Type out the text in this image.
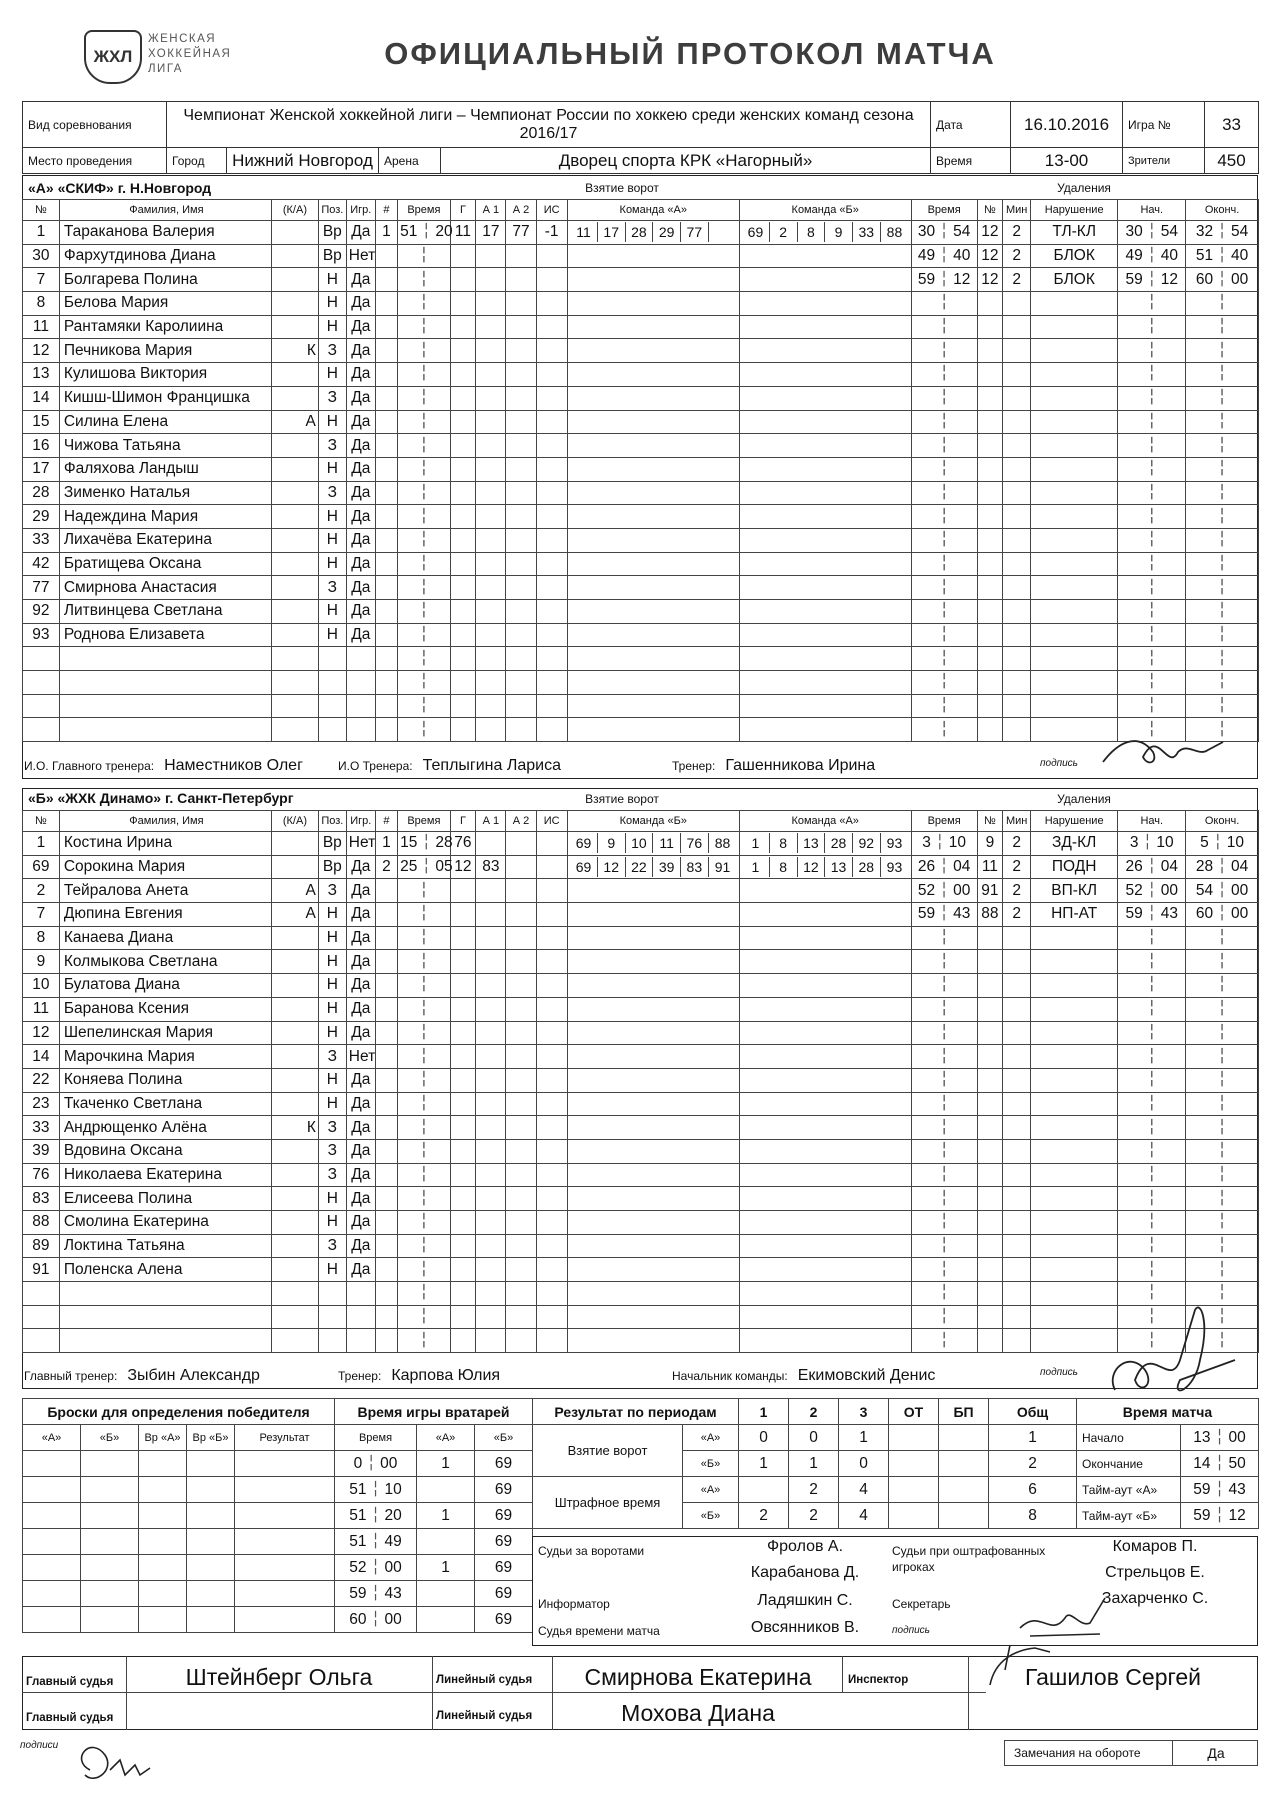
ЖХЛ
ЖЕНСКАЯ
ХОККЕЙНАЯ
ЛИГА	ОФИЦИАЛЬНЫЙ ПРОТОКОЛ МАТЧА
Вид соревнования	Чемпионат Женской хоккейной лиги – Чемпионат России по хоккею среди женских команд сезона 2016/17				Дата	16.10.2016	Игра №	33
Место проведения	Город	Нижний Новгород	Арена	Дворец спорта КРК «Нагорный»	Время	13-00	Зрители	450
«А» «СКИФ» г. Н.Новгород	Взятие ворот	Удаления
№	Фамилия, Имя	(К/А)	Поз.	Игр.	#	Время	Г	А 1	А 2	ИС	Команда «А»	Команда «Б»	Время	№	Мин	Нарушение	Нач.	Оконч.
1	Тараканова Валерия		Вр	Да	1	51 ╎ 20	11	17	77	-1	11 17 28 29 77	69 2 8 9 33 88	30 ╎ 54	12	2	ТЛ-КЛ	30 ╎ 54	32 ╎ 54
30	Фархутдинова Диана		Вр	Нет		╎							49 ╎ 40	12	2	БЛОК	49 ╎ 40	51 ╎ 40
7	Болгарева Полина		Н	Да		╎							59 ╎ 12	12	2	БЛОК	59 ╎ 12	60 ╎ 00
8	Белова Мария		Н	Да		╎							╎				╎	╎
11	Рантамяки Каролиина		Н	Да		╎							╎				╎	╎
12	Печникова Мария	К	З	Да		╎							╎				╎	╎
13	Кулишова Виктория		Н	Да		╎							╎				╎	╎
14	Кишш-Шимон Францишка		З	Да		╎							╎				╎	╎
15	Силина Елена	А	Н	Да		╎							╎				╎	╎
16	Чижова Татьяна		З	Да		╎							╎				╎	╎
17	Фаляхова Ландыш		Н	Да		╎							╎				╎	╎
28	Зименко Наталья		З	Да		╎							╎				╎	╎
29	Надеждина Мария		Н	Да		╎							╎				╎	╎
33	Лихачёва Екатерина		Н	Да		╎							╎				╎	╎
42	Братищева Оксана		Н	Да		╎							╎				╎	╎
77	Смирнова Анастасия		З	Да		╎							╎				╎	╎
92	Литвинцева Светлана		Н	Да		╎							╎				╎	╎
93	Роднова Елизавета		Н	Да		╎							╎				╎	╎
						╎							╎				╎	╎
						╎							╎				╎	╎
						╎							╎				╎	╎
						╎							╎				╎	╎
И.О. Главного тренера: Наместников Олег	И.О Тренера: Теплыгина Лариса	Тренер: Гашенникова Ирина	подпись
«Б» «ЖХК Динамо» г. Санкт-Петербург	Взятие ворот	Удаления
№	Фамилия, Имя	(К/А)	Поз.	Игр.	#	Время	Г	А 1	А 2	ИС	Команда «Б»	Команда «А»	Время	№	Мин	Нарушение	Нач.	Оконч.
1	Костина Ирина		Вр	Нет	1	15 ╎ 28	76				69 9 10 11 76 88	1 8 13 28 92 93	3 ╎ 10	9	2	ЗД-КЛ	3 ╎ 10	5 ╎ 10
69	Сорокина Мария		Вр	Да	2	25 ╎ 05	12	83			69 12 22 39 83 91	1 8 12 13 28 93	26 ╎ 04	11	2	ПОДН	26 ╎ 04	28 ╎ 04
2	Тейралова Анета	А	З	Да		╎							52 ╎ 00	91	2	ВП-КЛ	52 ╎ 00	54 ╎ 00
7	Дюпина Евгения	А	Н	Да		╎							59 ╎ 43	88	2	НП-АТ	59 ╎ 43	60 ╎ 00
8	Канаева Диана		Н	Да		╎							╎				╎	╎
9	Колмыкова Светлана		Н	Да		╎							╎				╎	╎
10	Булатова Диана		Н	Да		╎							╎				╎	╎
11	Баранова Ксения		Н	Да		╎							╎				╎	╎
12	Шепелинская Мария		Н	Да		╎							╎				╎	╎
14	Марочкина Мария		З	Нет		╎							╎				╎	╎
22	Коняева Полина		Н	Да		╎							╎				╎	╎
23	Ткаченко Светлана		Н	Да		╎							╎				╎	╎
33	Андрющенко Алёна	К	З	Да		╎							╎				╎	╎
39	Вдовина Оксана		З	Да		╎							╎				╎	╎
76	Николаева Екатерина		З	Да		╎							╎				╎	╎
83	Елисеева Полина		Н	Да		╎							╎				╎	╎
88	Смолина Екатерина		Н	Да		╎							╎				╎	╎
89	Локтина Татьяна		З	Да		╎							╎				╎	╎
91	Поленска Алена		Н	Да		╎							╎				╎	╎
						╎							╎				╎	╎
						╎							╎				╎	╎
						╎							╎				╎	╎
Главный тренер: Зыбин Александр	Тренер: Карпова Юлия	Начальник команды: Екимовский Денис	подпись
Броски для определения победителя				
«А»	«Б»	Вр «А»	Вр «Б»	Результат

Время игры вратарей		
Время	«А»	«Б»
0 ╎ 00	1	69
51 ╎ 10		69
51 ╎ 20	1	69
51 ╎ 49		69
52 ╎ 00	1	69
59 ╎ 43		69
60 ╎ 00		69
Результат по периодам		1	2	3	ОТ	БП	Общ
Взятие ворот	«А»	0	0	1			1
	«Б»	1	1	0			2
Штрафное время	«А»		2	4			6
	«Б»	2	2	4			8
Время матча	
Начало	13 ╎ 00
Окончание	14 ╎ 50
Тайм-аут «А»	59 ╎ 43
Тайм-аут «Б»	59 ╎ 12
Судьи за воротами	Фролов А.
Карабанова Д.
Судьи при оштрафованных игроках
Комаров П.
Стрельцов Е.
Информатор	Ладяшкин С.	Секретарь	Захарченко С.
Судья времени матча	Овсянников В.	подпись
Главный судья	Штейнберг Ольга
Главный судья
Линейный судья	Смирнова Екатерина
Линейный судья	Мохова Диана
Инспектор	Гашилов Сергей
подписи
Замечания на обороте	Да
